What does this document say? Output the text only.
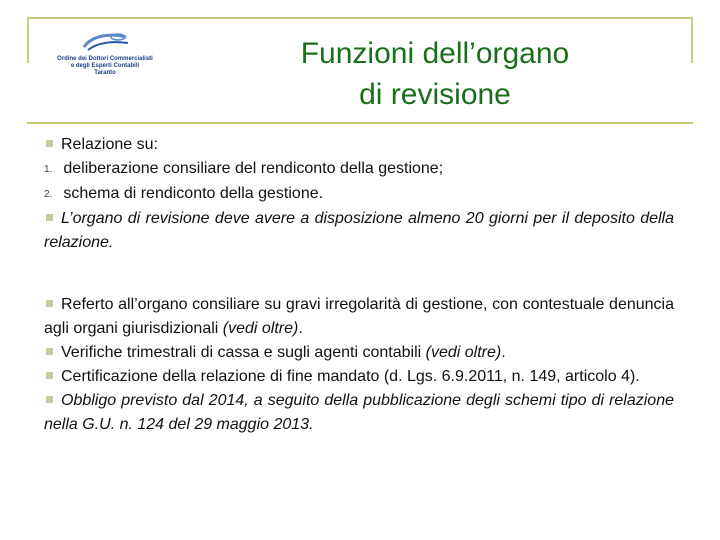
Ordine dei Dottori Commercialisti
e degli Esperti Contabili
Taranto
Funzioni dell’organo
di revisione

Relazione su:

1. deliberazione consiliare del rendiconto della gestione;

2. schema di rendiconto della gestione.

L’organo di revisione deve avere a disposizione almeno 20 giorni per il deposito della relazione.

Referto all’organo consiliare su gravi irregolarità di gestione, con contestuale denuncia agli organi giurisdizionali (vedi oltre).

Verifiche trimestrali di cassa e sugli agenti contabili (vedi oltre).

Certificazione della relazione di fine mandato (d. Lgs. 6.9.2011, n. 149, articolo 4).

Obbligo previsto dal 2014, a seguito della pubblicazione degli schemi tipo di relazione nella G.U. n. 124 del 29 maggio 2013.
